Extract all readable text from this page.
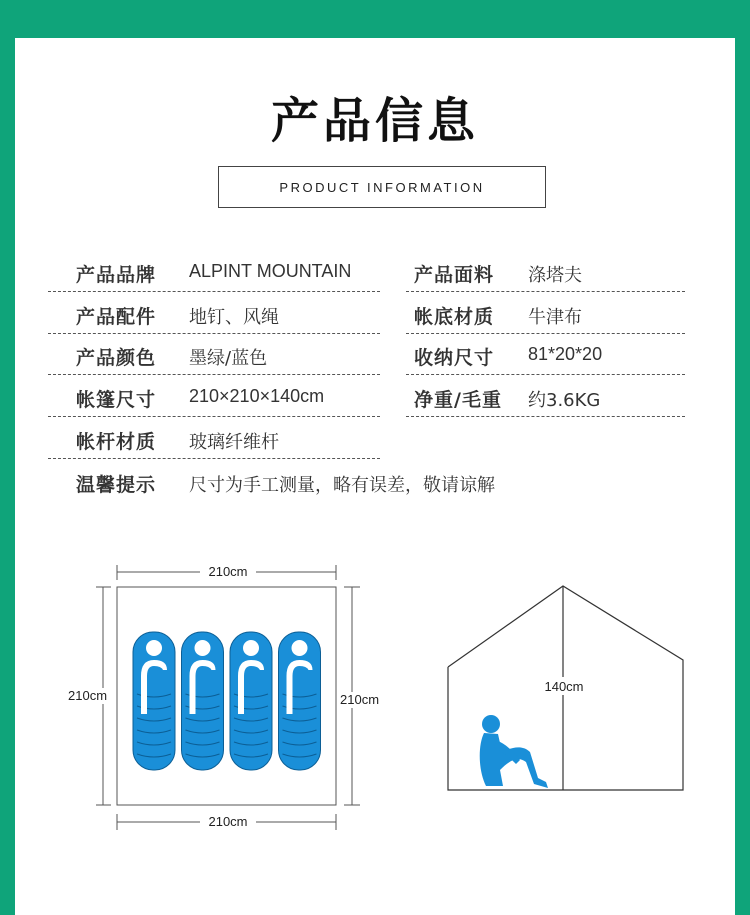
产品信息
PRODUCT INFORMATION
产品品牌 ALPINT MOUNTAIN
产品配件 地钉、风绳
产品颜色 墨绿/蓝色
帐篷尺寸 210×210×140cm
帐杆材质 玻璃纤维杆
温馨提示 尺寸为手工测量，略有误差，敬请谅解
产品面料 涤塔夫
帐底材质 牛津布
收纳尺寸 81*20*20
净重/毛重 约3.6KG
210cm
210cm
210cm	210cm
140cm
